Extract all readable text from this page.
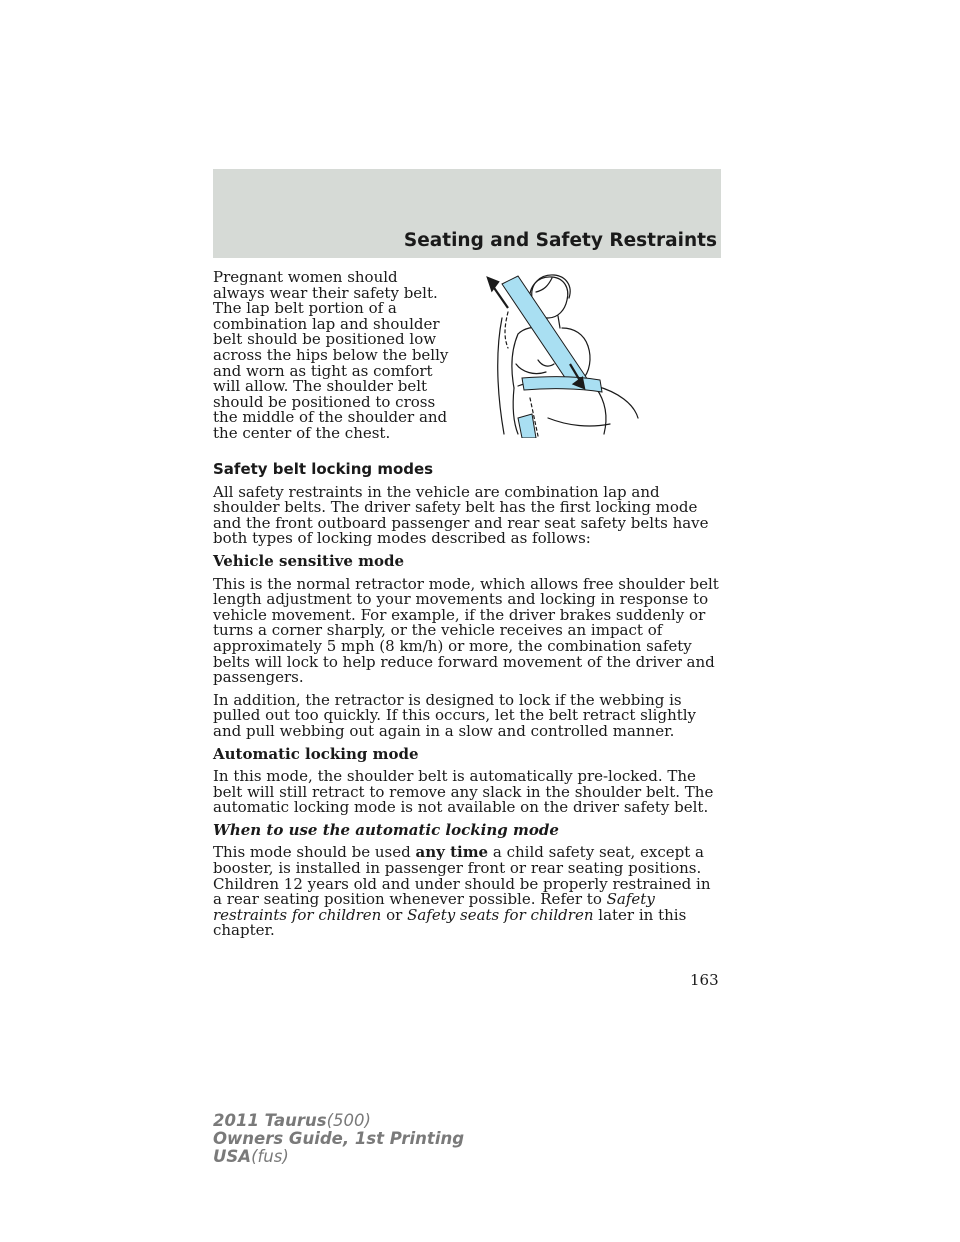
Seating and Safety Restraints

Pregnant women should always wear their safety belt. The lap belt portion of a combination lap and shoulder belt should be positioned low across the hips below the belly and worn as tight as comfort will allow. The shoulder belt should be positioned to cross the middle of the shoulder and the center of the chest.

Safety belt locking modes

All safety restraints in the vehicle are combination lap and shoulder belts. The driver safety belt has the first locking mode and the front outboard passenger and rear seat safety belts have both types of locking modes described as follows:

Vehicle sensitive mode

This is the normal retractor mode, which allows free shoulder belt length adjustment to your movements and locking in response to vehicle movement. For example, if the driver brakes suddenly or turns a corner sharply, or the vehicle receives an impact of approximately 5 mph (8 km/h) or more, the combination safety belts will lock to help reduce forward movement of the driver and passengers.

In addition, the retractor is designed to lock if the webbing is pulled out too quickly. If this occurs, let the belt retract slightly and pull webbing out again in a slow and controlled manner.

Automatic locking mode

In this mode, the shoulder belt is automatically pre-locked. The belt will still retract to remove any slack in the shoulder belt. The automatic locking mode is not available on the driver safety belt.

When to use the automatic locking mode

This mode should be used any time a child safety seat, except a booster, is installed in passenger front or rear seating positions. Children 12 years old and under should be properly restrained in a rear seating position whenever possible. Refer to Safety restraints for children or Safety seats for children later in this chapter.

163
2011 Taurus(500)
Owners Guide, 1st Printing
USA(fus)
